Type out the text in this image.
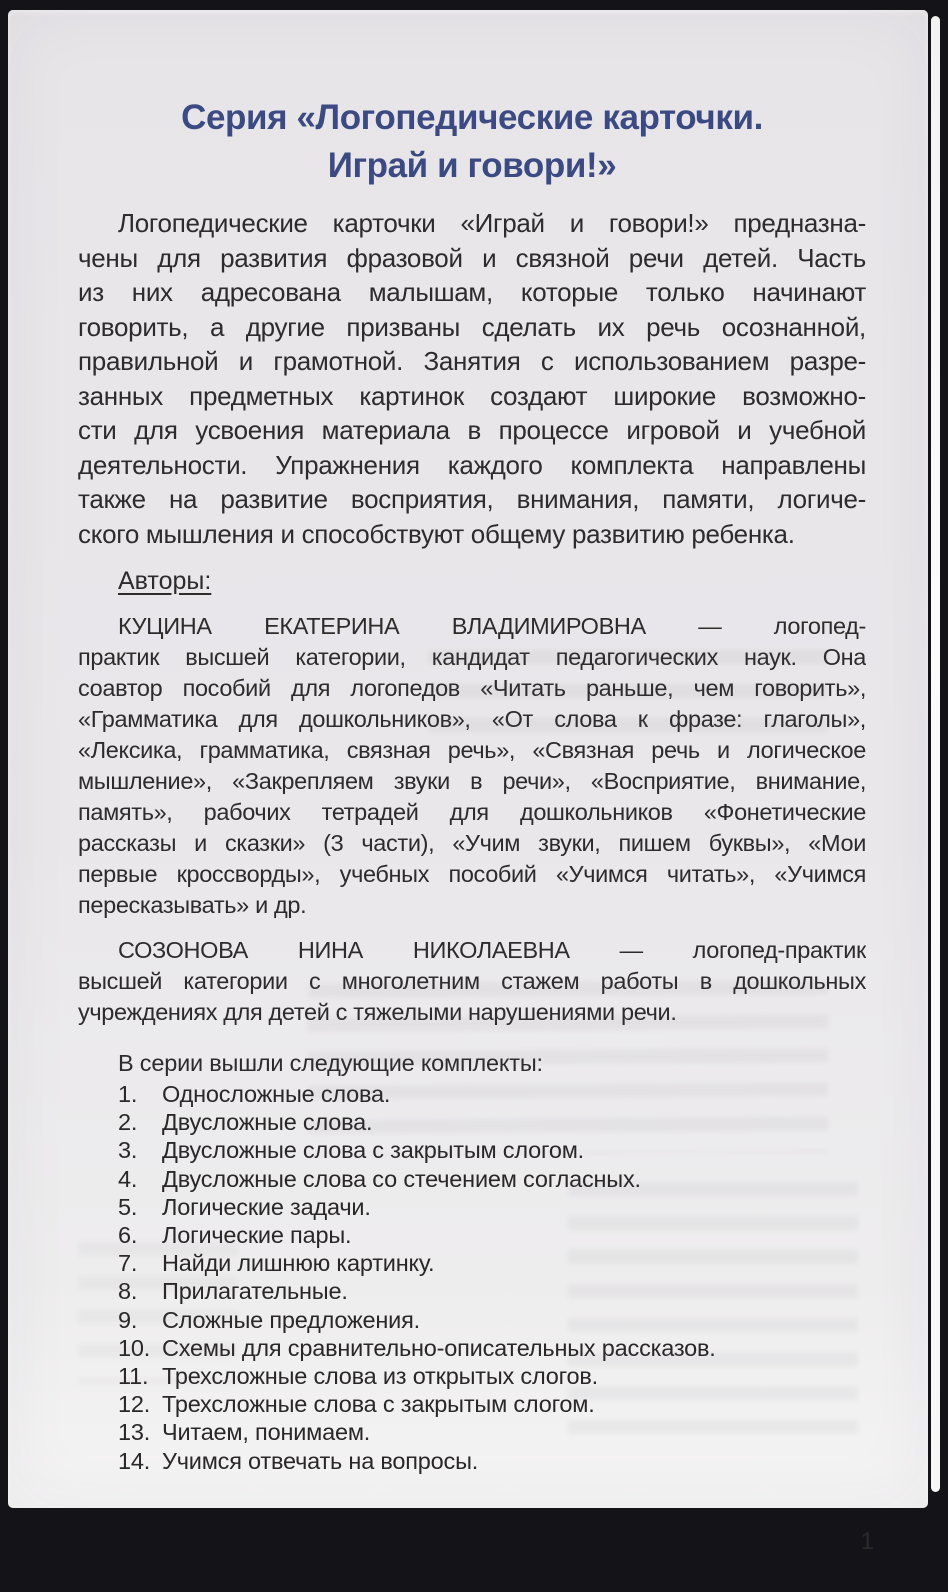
Серия «Логопедические карточки.
Играй и говори!»
Логопедические карточки «Играй и говори!» предназна-
чены для развития фразовой и связной речи детей. Часть
из них адресована малышам, которые только начинают
говорить, а другие призваны сделать их речь осознанной,
правильной и грамотной. Занятия с использованием разре-
занных предметных картинок создают широкие возможно-
сти для усвоения материала в процессе игровой и учебной
деятельности. Упражнения каждого комплекта направлены
также на развитие восприятия, внимания, памяти, логиче-
ского мышления и способствуют общему развитию ребенка.
Авторы:
КУЦИНА ЕКАТЕРИНА ВЛАДИМИРОВНА — логопед-
практик высшей категории, кандидат педагогических наук. Она
соавтор пособий для логопедов «Читать раньше, чем говорить»,
«Грамматика для дошкольников», «От слова к фразе: глаголы»,
«Лексика, грамматика, связная речь», «Связная речь и логическое
мышление», «Закрепляем звуки в речи», «Восприятие, внимание,
память», рабочих тетрадей для дошкольников «Фонетические
рассказы и сказки» (3 части), «Учим звуки, пишем буквы», «Мои
первые кроссворды», учебных пособий «Учимся читать», «Учимся
пересказывать» и др.
СОЗОНОВА НИНА НИКОЛАЕВНА — логопед-практик
высшей категории с многолетним стажем работы в дошкольных
учреждениях для детей с тяжелыми нарушениями речи.
В серии вышли следующие комплекты:
1.	Односложные слова.
2.	Двусложные слова.
3.	Двусложные слова с закрытым слогом.
4.	Двусложные слова со стечением согласных.
5.	Логические задачи.
6.	Логические пары.
7.	Найди лишнюю картинку.
8.	Прилагательные.
9.	Сложные предложения.
10. Схемы для сравнительно-описательных рассказов.
11. Трехсложные слова из открытых слогов.
12. Трехсложные слова с закрытым слогом.
13. Читаем, понимаем.
14. Учимся отвечать на вопросы.
1
